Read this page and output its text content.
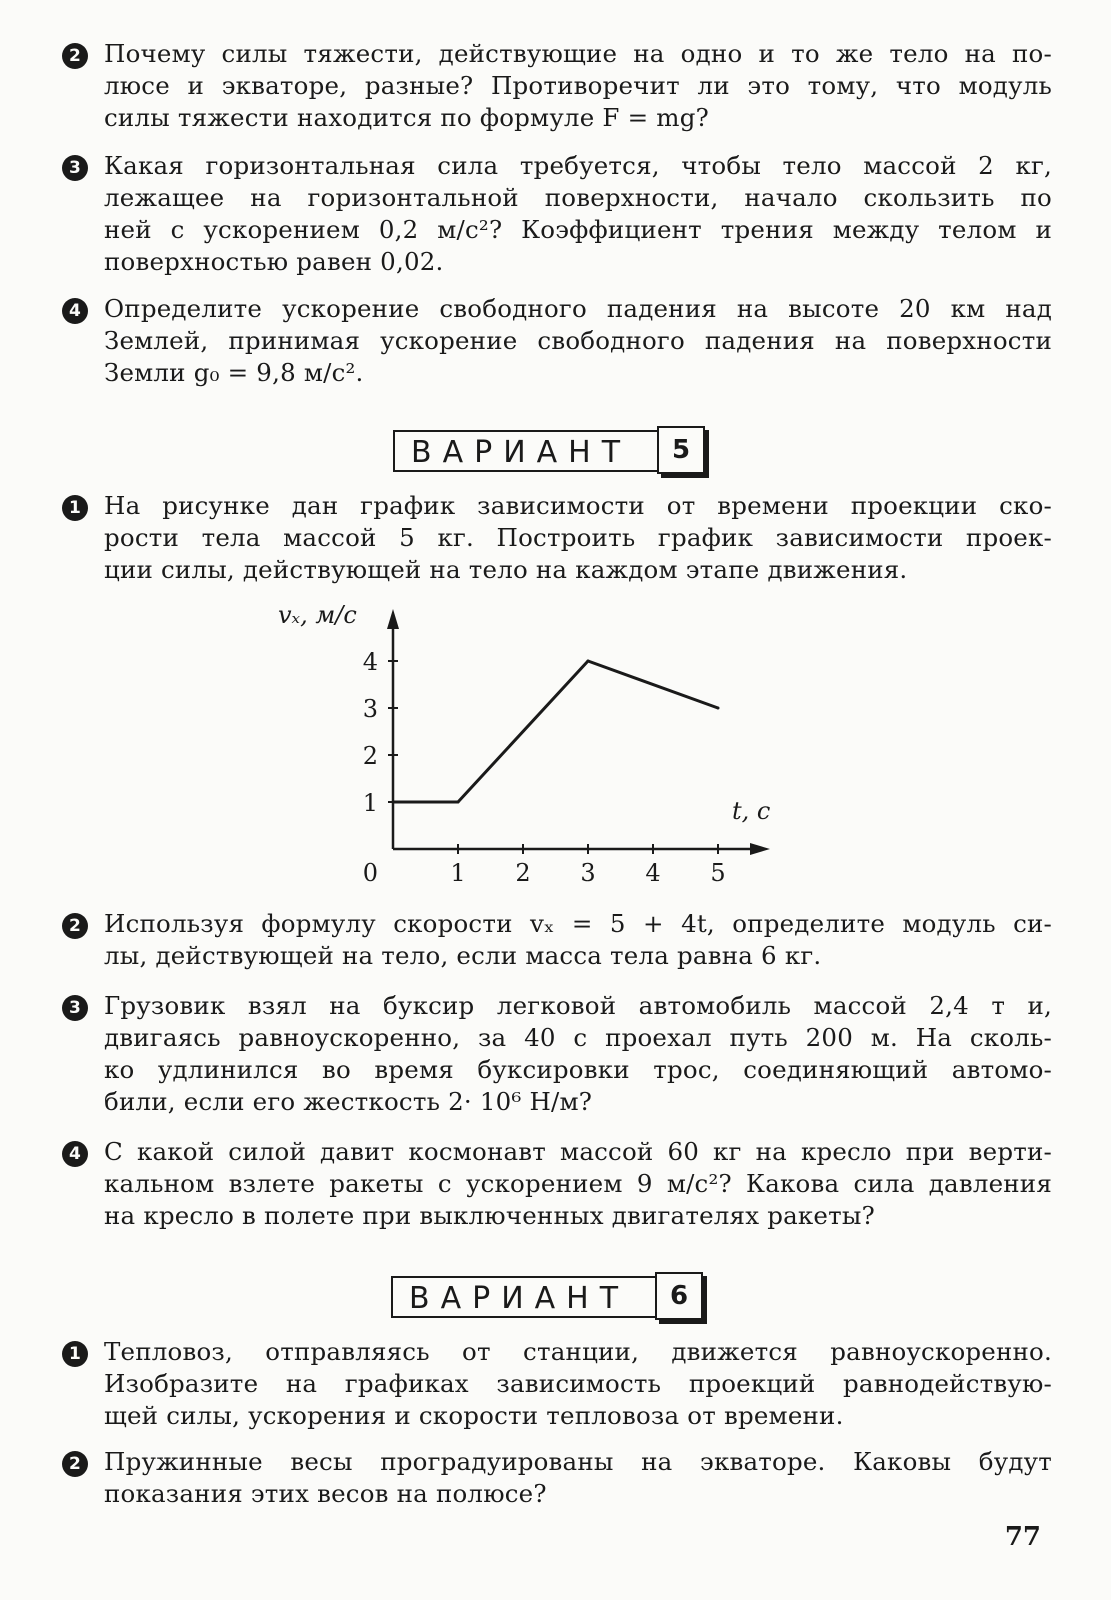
2 Почему силы тяжести, действующие на одно и то же тело на по-
люсе и экваторе, разные? Противоречит ли это тому, что модуль
силы тяжести находится по формуле F = mg?
3 Какая горизонтальная сила требуется, чтобы тело массой 2 кг,
лежащее на горизонтальной поверхности, начало скользить по
ней с ускорением 0,2 м/с²? Коэффициент трения между телом и
поверхностью равен 0,02.
4 Определите ускорение свободного падения на высоте 20 км над
Землей, принимая ускорение свободного падения на поверхности
Земли g₀ = 9,8 м/с².
ВАРИАНТ	5
1 На рисунке дан график зависимости от времени проекции ско-
рости тела массой 5 кг. Построить график зависимости проек-
ции силы, действующей на тело на каждом этапе движения.
1 2 3 4 5
1
2
3
4
0
vₓ, м/с
t, с
2 Используя формулу скорости vₓ = 5 + 4t, определите модуль си-
лы, действующей на тело, если масса тела равна 6 кг.
3 Грузовик взял на буксир легковой автомобиль массой 2,4 т и,
двигаясь равноускоренно, за 40 с проехал путь 200 м. На сколь-
ко удлинился во время буксировки трос, соединяющий автомо-
били, если его жесткость 2· 10⁶ Н/м?
4 С какой силой давит космонавт массой 60 кг на кресло при верти-
кальном взлете ракеты с ускорением 9 м/с²? Какова сила давления
на кресло в полете при выключенных двигателях ракеты?
ВАРИАНТ	6
1 Тепловоз, отправляясь от станции, движется равноускоренно.
Изобразите на графиках зависимость проекций равнодействую-
щей силы, ускорения и скорости тепловоза от времени.
2 Пружинные весы проградуированы на экваторе. Каковы будут
показания этих весов на полюсе?
77
